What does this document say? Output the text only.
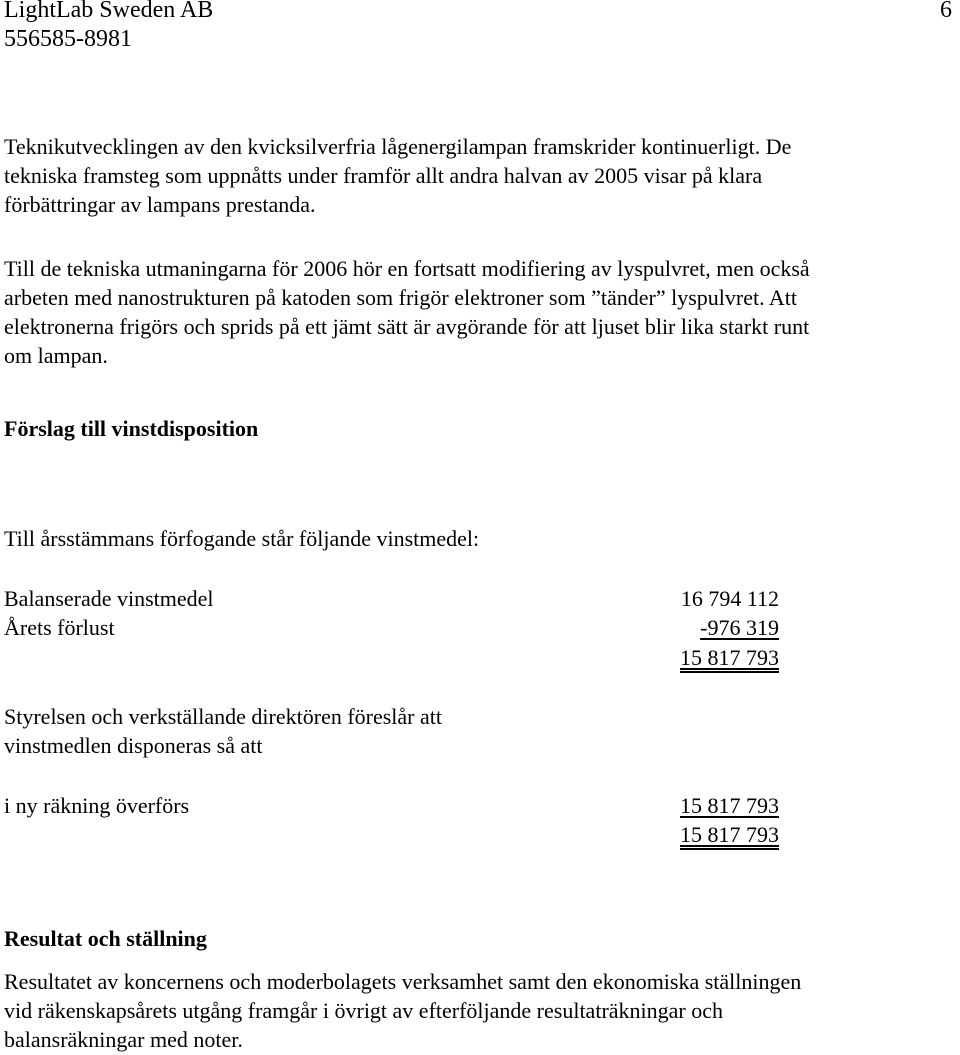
LightLab Sweden AB
556585-8981
6
Teknikutvecklingen av den kvicksilverfria lågenergilampan framskrider kontinuerligt. De
tekniska framsteg som uppnåtts under framför allt andra halvan av 2005 visar på klara
förbättringar av lampans prestanda.
Till de tekniska utmaningarna för 2006 hör en fortsatt modifiering av lyspulvret, men också
arbeten med nanostrukturen på katoden som frigör elektroner som ”tänder” lyspulvret. Att
elektronerna frigörs och sprids på ett jämt sätt är avgörande för att ljuset blir lika starkt runt
om lampan.
Förslag till vinstdisposition
Till årsstämmans förfogande står följande vinstmedel:
Balanserade vinstmedel	16 794 112
Årets förlust	-976 319
15 817 793
Styrelsen och verkställande direktören föreslår att
vinstmedlen disponeras så att
i ny räkning överförs	15 817 793
15 817 793
Resultat och ställning
Resultatet av koncernens och moderbolagets verksamhet samt den ekonomiska ställningen
vid räkenskapsårets utgång framgår i övrigt av efterföljande resultaträkningar och
balansräkningar med noter.
